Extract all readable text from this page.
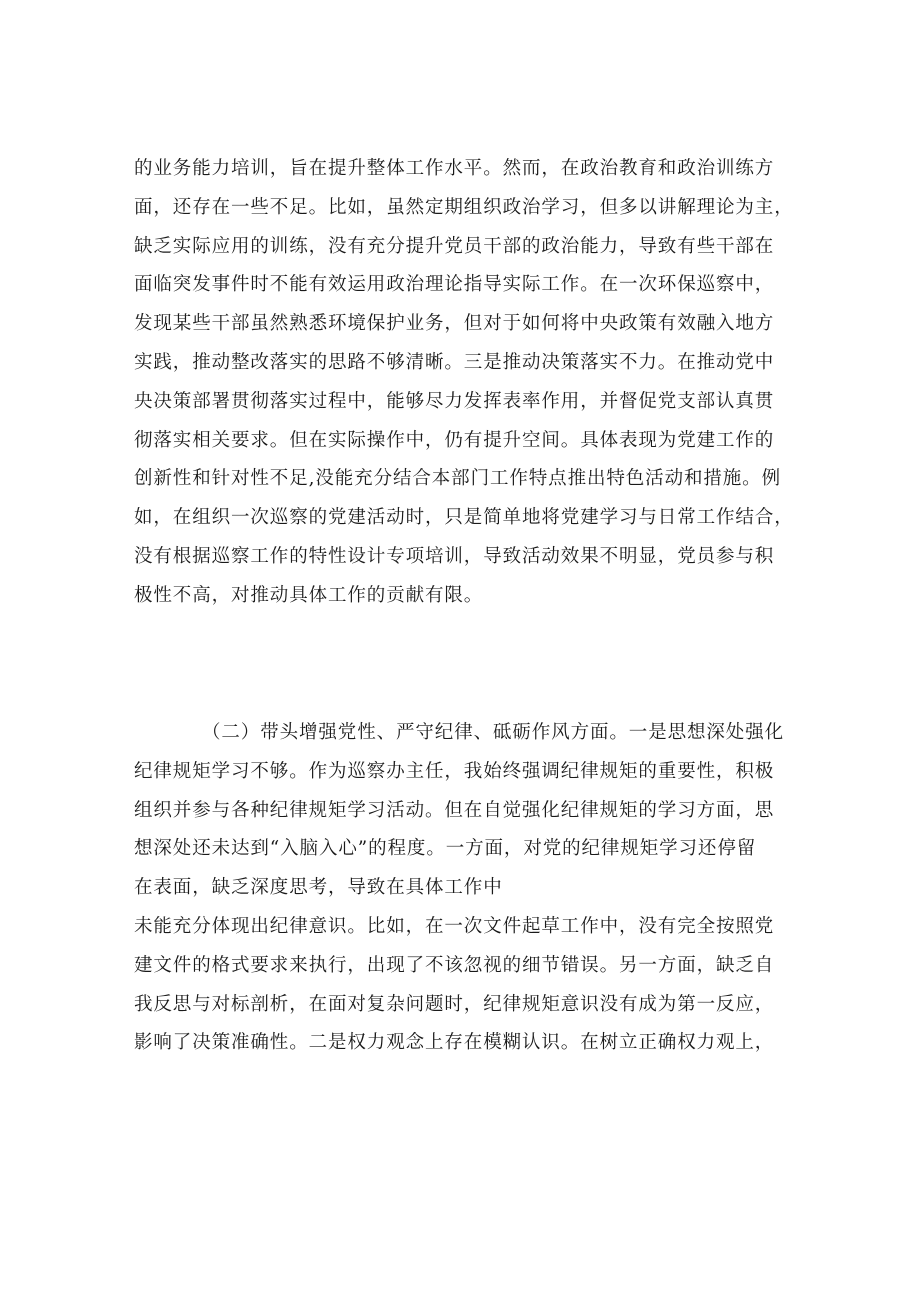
的业务能力培训，旨在提升整体工作水平。然而，在政治教育和政治训练方
面，还存在一些不足。比如，虽然定期组织政治学习，但多以讲解理论为主，
缺乏实际应用的训练，没有充分提升党员干部的政治能力，导致有些干部在
面临突发事件时不能有效运用政治理论指导实际工作。在一次环保巡察中，
发现某些干部虽然熟悉环境保护业务，但对于如何将中央政策有效融入地方
实践，推动整改落实的思路不够清晰。三是推动决策落实不力。在推动党中
央决策部署贯彻落实过程中，能够尽力发挥表率作用，并督促党支部认真贯
彻落实相关要求。但在实际操作中，仍有提升空间。具体表现为党建工作的
创新性和针对性不足,没能充分结合本部门工作特点推出特色活动和措施。例
如，在组织一次巡察的党建活动时，只是简单地将党建学习与日常工作结合，
没有根据巡察工作的特性设计专项培训，导致活动效果不明显，党员参与积
极性不高，对推动具体工作的贡献有限。
（二）带头增强党性、严守纪律、砥砺作风方面。一是思想深处强化
纪律规矩学习不够。作为巡察办主任，我始终强调纪律规矩的重要性，积极
组织并参与各种纪律规矩学习活动。但在自觉强化纪律规矩的学习方面，思
想深处还未达到“入脑入心”的程度。一方面，对党的纪律规矩学习还停留
在表面，缺乏深度思考，导致在具体工作中
未能充分体现出纪律意识。比如，在一次文件起草工作中，没有完全按照党
建文件的格式要求来执行，出现了不该忽视的细节错误。另一方面，缺乏自
我反思与对标剖析，在面对复杂问题时，纪律规矩意识没有成为第一反应，
影响了决策准确性。二是权力观念上存在模糊认识。在树立正确权力观上，
